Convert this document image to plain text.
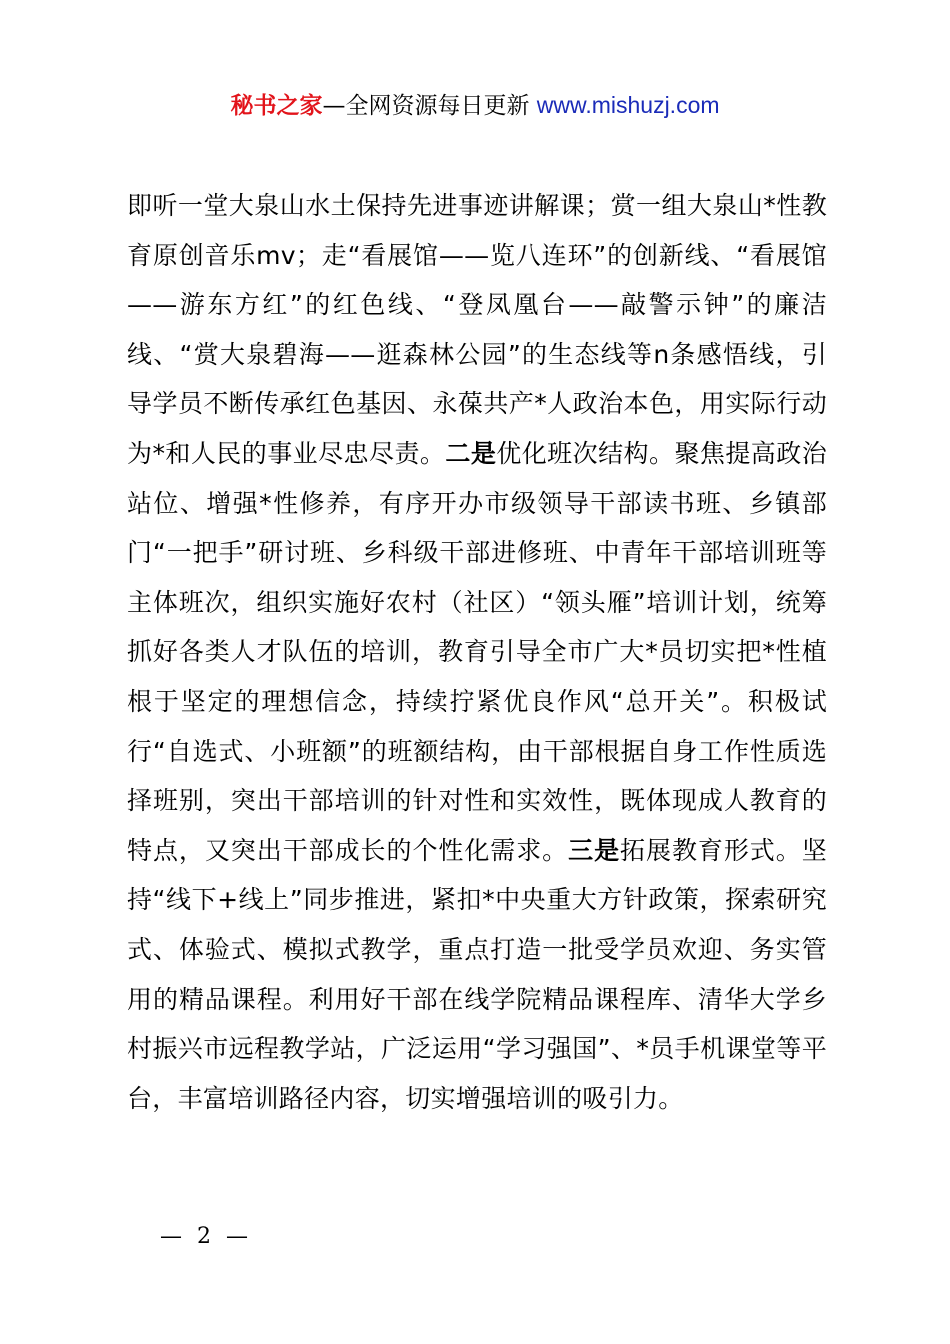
秘书之家—全网资源每日更新 www.mishuzj.com
即听一堂大泉山水土保持先进事迹讲解课；赏一组大泉山*性教育原创音乐mv；走“看展馆——览八连环”的创新线、“看展馆——游东方红”的红色线、“登凤凰台——敲警示钟”的廉洁线、“赏大泉碧海——逛森林公园”的生态线等n条感悟线，引导学员不断传承红色基因、永葆共产*人政治本色，用实际行动为*和人民的事业尽忠尽责。二是优化班次结构。聚焦提高政治站位、增强*性修养，有序开办市级领导干部读书班、乡镇部门“一把手”研讨班、乡科级干部进修班、中青年干部培训班等主体班次，组织实施好农村（社区）“领头雁”培训计划，统筹抓好各类人才队伍的培训，教育引导全市广大*员切实把*性植根于坚定的理想信念，持续拧紧优良作风“总开关”。积极试行“自选式、小班额”的班额结构，由干部根据自身工作性质选择班别，突出干部培训的针对性和实效性，既体现成人教育的特点，又突出干部成长的个性化需求。三是拓展教育形式。坚持“线下+线上”同步推进，紧扣*中央重大方针政策，探索研究式、体验式、模拟式教学，重点打造一批受学员欢迎、务实管用的精品课程。利用好干部在线学院精品课程库、清华大学乡村振兴市远程教学站，广泛运用“学习强国”、*员手机课堂等平台，丰富培训路径内容，切实增强培训的吸引力。
— 2 —
